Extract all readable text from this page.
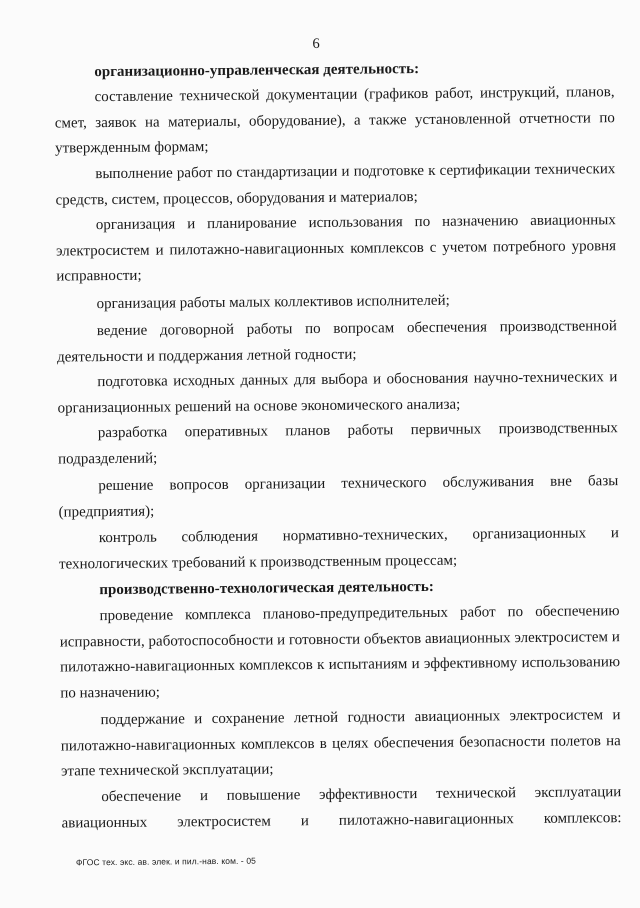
6

организационно-управленческая деятельность:

составление технической документации (графиков работ, инструкций, планов, смет, заявок на материалы, оборудование), а также установленной отчетности по утвержденным формам;

выполнение работ по стандартизации и подготовке к сертификации технических средств, систем, процессов, оборудования и материалов;

организация и планирование использования по назначению авиационных электросистем и пилотажно-навигационных комплексов с учетом потребного уровня исправности;

организация работы малых коллективов исполнителей;

ведение договорной работы по вопросам обеспечения производственной деятельности и поддержания летной годности;

подготовка исходных данных для выбора и обоснования научно-технических и организационных решений на основе экономического анализа;

разработка оперативных планов работы первичных производственных подразделений;

решение вопросов организации технического обслуживания вне базы (предприятия);

контроль соблюдения нормативно-технических, организационных и технологических требований к производственным процессам;

производственно-технологическая деятельность:

проведение комплекса планово-предупредительных работ по обеспечению исправности, работоспособности и готовности объектов авиационных электросистем и пилотажно-навигационных комплексов к испытаниям и эффективному использованию по назначению;

поддержание и сохранение летной годности авиационных электросистем и пилотажно-навигационных комплексов в целях обеспечения безопасности полетов на этапе технической эксплуатации;

обеспечение и повышение эффективности технической эксплуатации авиационных электросистем и пилотажно-навигационных комплексов:

ФГОС тех. экс. ав. элек. и пил.-нав. ком. - 05
